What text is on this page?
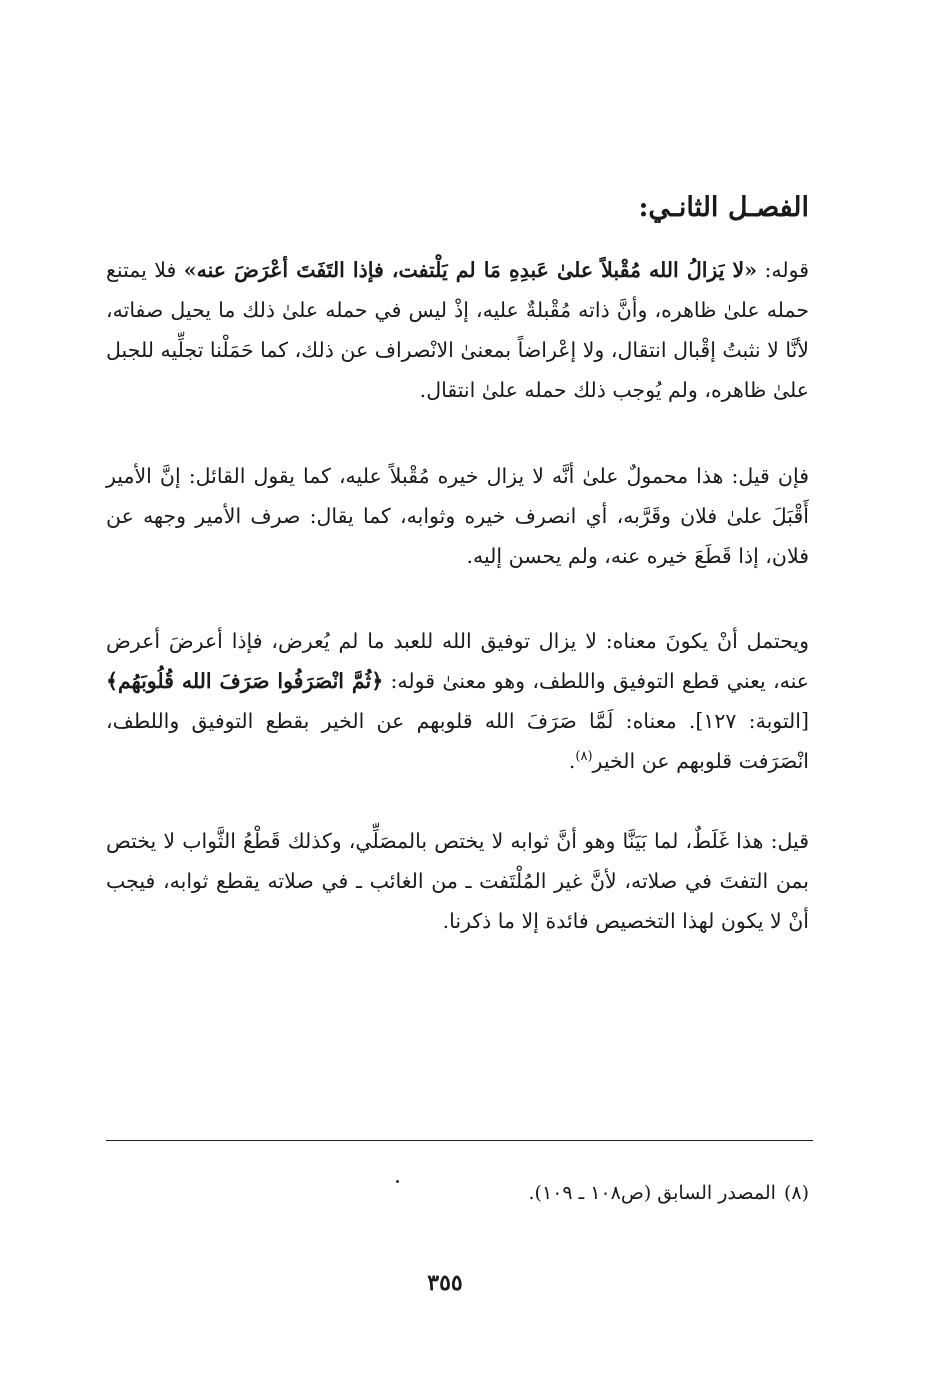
الفصـل الثانـي:

قوله: «لا يَزالُ الله مُقْبلاً علىٰ عَبدِهِ مَا لم يَلْتفت، فإذا التَفَتَ أعْرَضَ عنه» فلا يمتنع حمله علىٰ ظاهره، وأنَّ ذاته مُقْبلةٌ عليه، إذْ ليس في حمله علىٰ ذلك ما يحيل صفاته، لأنَّا لا نثبتُ إقْبال انتقال، ولا إعْراضاً بمعنىٰ الانْصراف عن ذلك، كما حَمَلْنا تجلِّيه للجبل علىٰ ظاهره، ولم يُوجب ذلك حمله علىٰ انتقال.

فإن قيل: هذا محمولٌ علىٰ أنَّه لا يزال خيره مُقْبلاً عليه، كما يقول القائل: إنَّ الأمير أَقْبَلَ علىٰ فلان وقَرَّبه، أي انصرف خيره وثوابه، كما يقال: صرف الأمير وجهه عن فلان، إذا قَطَعَ خيره عنه، ولم يحسن إليه.

ويحتمل أنْ يكونَ معناه: لا يزال توفيق الله للعبد ما لم يُعرض، فإذا أعرضَ أعرض عنه، يعني قطع التوفيق واللطف، وهو معنىٰ قوله: ﴿ثُمَّ انْصَرَفُوا صَرَفَ الله قُلُوبَهُم﴾ [التوبة: ١٢٧]. معناه: لَمَّا صَرَفَ الله قلوبهم عن الخير بقطع التوفيق واللطف، انْصَرَفت قلوبهم عن الخير$^{(٨)}$.

قيل: هذا غَلَطٌ، لما بَيَنَّا وهو أنَّ ثوابه لا يختص بالمصَلِّي، وكذلك قَطْعُ الثَّواب لا يختص بمن التفتَ في صلاته، لأنَّ غير المُلْتَفت ـ من الغائب ـ في صلاته يقطع ثوابه، فيجب أنْ لا يكون لهذا التخصيص فائدة إلا ما ذكرنا.

(٨)المصدر السابق (ص١٠٨ ـ ١٠٩).
٣٥٥
